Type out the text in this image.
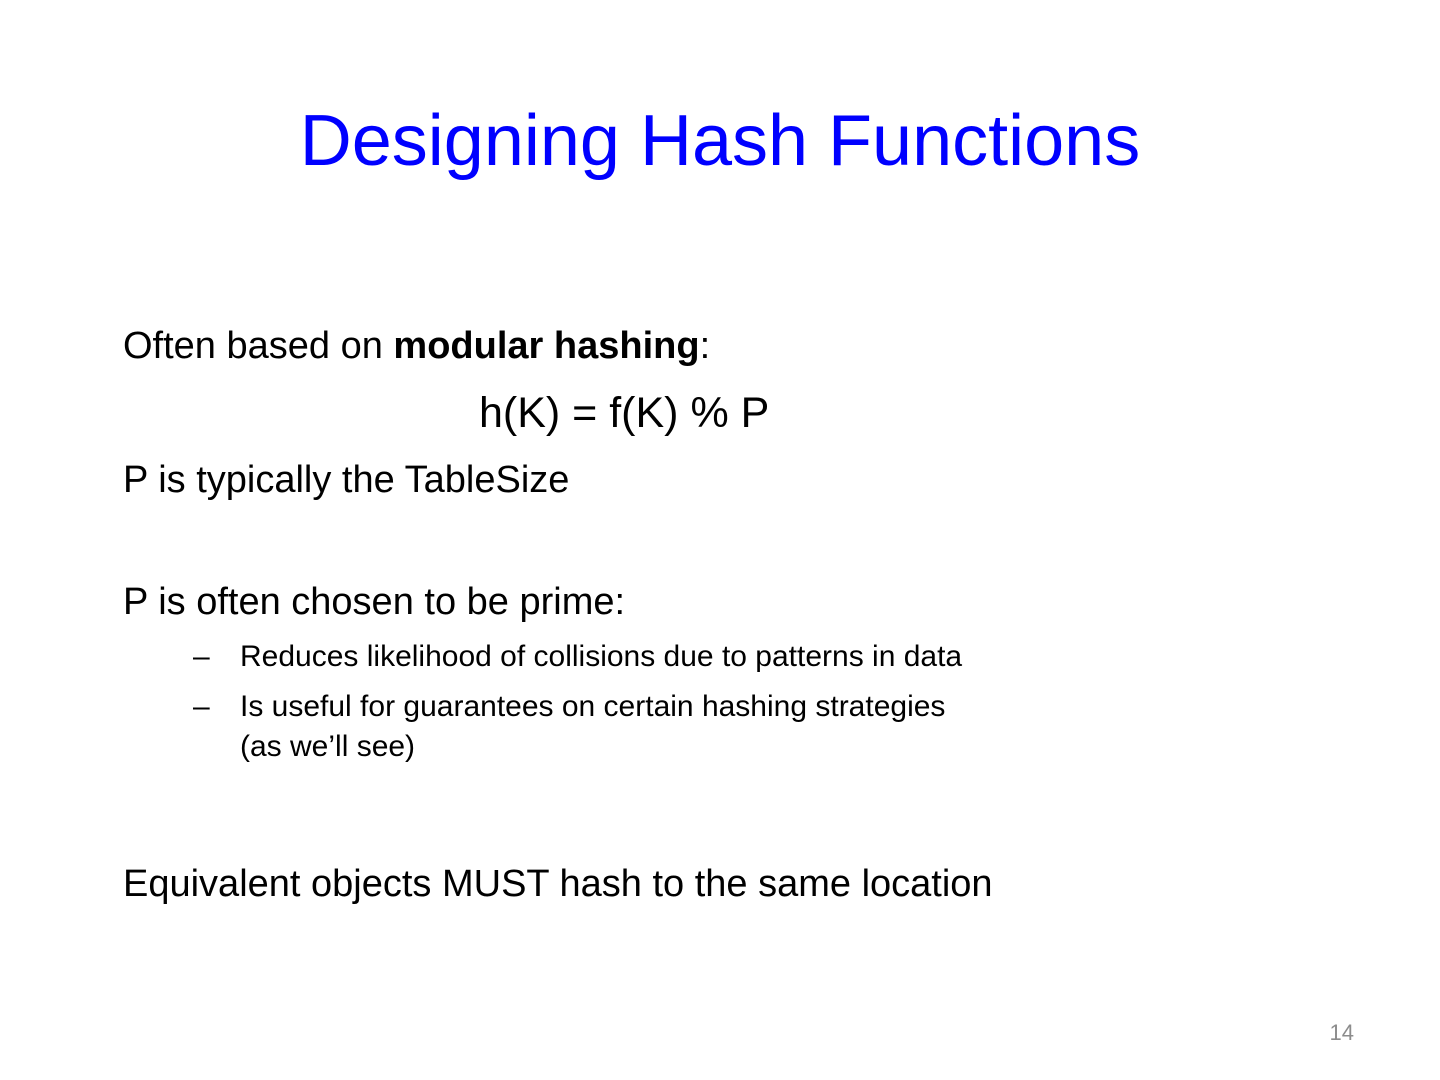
Designing Hash Functions
Often based on modular hashing:
h(K) = f(K) % P
P is typically the TableSize
P is often chosen to be prime:
– Reduces likelihood of collisions due to patterns in data
– Is useful for guarantees on certain hashing strategies
(as we’ll see)
Equivalent objects MUST hash to the same location
14
